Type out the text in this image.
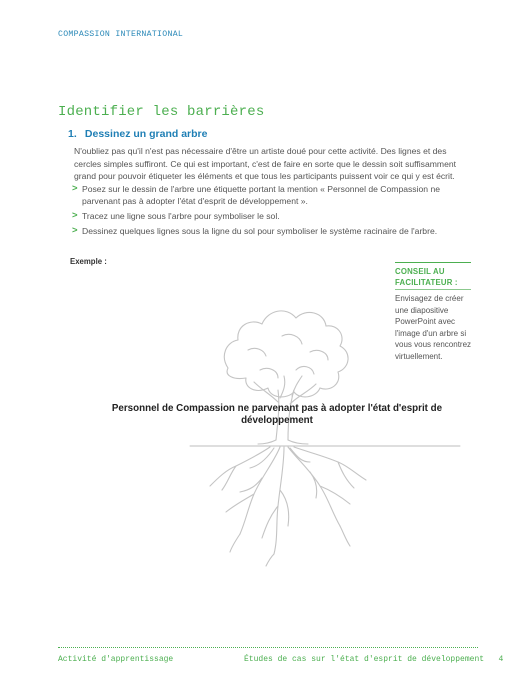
COMPASSION INTERNATIONAL
Identifier les barrières
1. Dessinez un grand arbre
N'oubliez pas qu'il n'est pas nécessaire d'être un artiste doué pour cette activité. Des lignes et des cercles simples suffiront. Ce qui est important, c'est de faire en sorte que le dessin soit suffisamment grand pour pouvoir étiqueter les éléments et que tous les participants puissent voir ce qui y est écrit.
> Posez sur le dessin de l'arbre une étiquette portant la mention « Personnel de Compassion ne parvenant pas à adopter l'état d'esprit de développement ».
> Tracez une ligne sous l'arbre pour symboliser le sol.
> Dessinez quelques lignes sous la ligne du sol pour symboliser le système racinaire de l'arbre.
Exemple :
CONSEIL AU FACILITATEUR :
Envisagez de créer une diapositive PowerPoint avec l'image d'un arbre si vous vous rencontrez virtuellement.
Personnel de Compassion ne parvenant pas à adopter l'état d'esprit de développement
Activité d'apprentissage	Études de cas sur l'état d'esprit de développement 4
